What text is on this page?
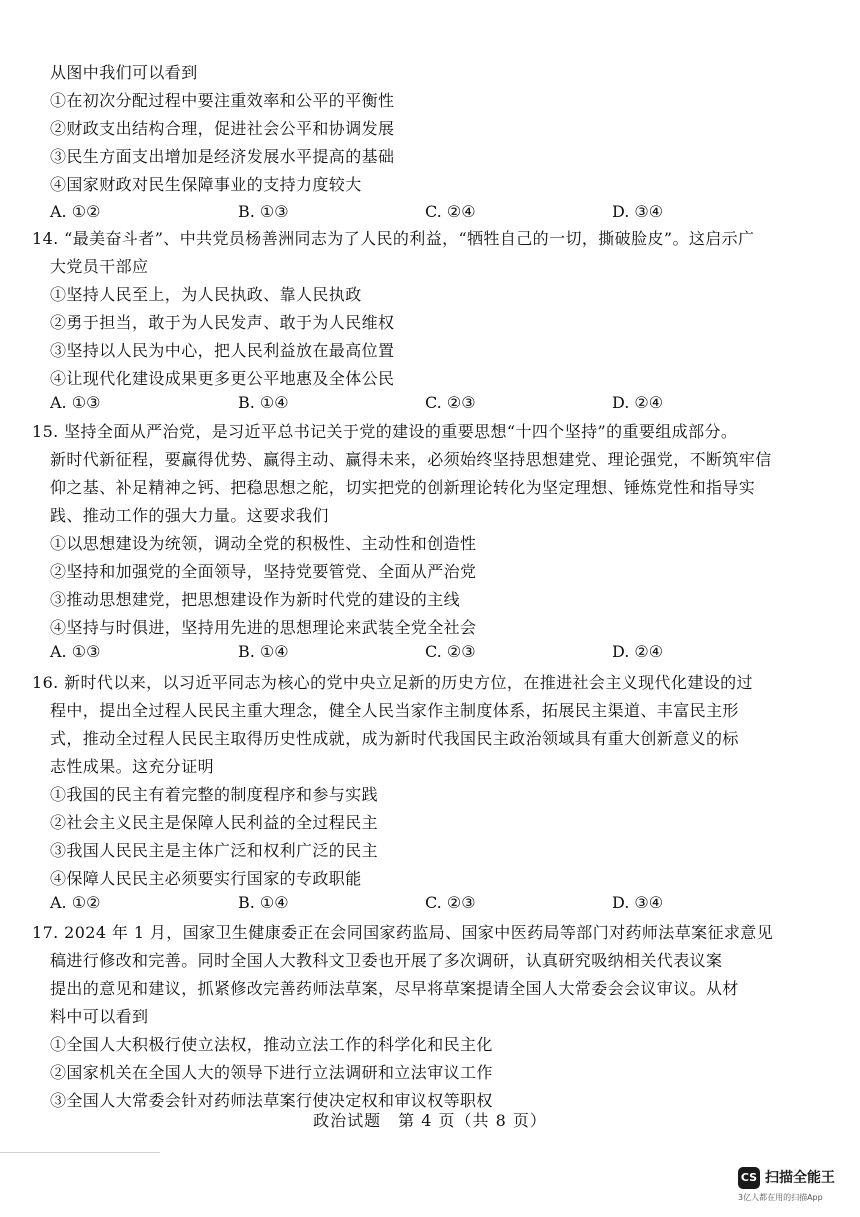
从图中我们可以看到
①在初次分配过程中要注重效率和公平的平衡性
②财政支出结构合理，促进社会公平和协调发展
③民生方面支出增加是经济发展水平提高的基础
④国家财政对民生保障事业的支持力度较大
A. ①②	B. ①③	C. ②④	D. ③④
14. “最美奋斗者”、中共党员杨善洲同志为了人民的利益，“牺牲自己的一切，撕破脸皮”。这启示广
大党员干部应
①坚持人民至上，为人民执政、靠人民执政
②勇于担当，敢于为人民发声、敢于为人民维权
③坚持以人民为中心，把人民利益放在最高位置
④让现代化建设成果更多更公平地惠及全体公民
A. ①③	B. ①④	C. ②③	D. ②④
15. 坚持全面从严治党，是习近平总书记关于党的建设的重要思想“十四个坚持”的重要组成部分。
新时代新征程，要赢得优势、赢得主动、赢得未来，必须始终坚持思想建党、理论强党，不断筑牢信
仰之基、补足精神之钙、把稳思想之舵，切实把党的创新理论转化为坚定理想、锤炼党性和指导实
践、推动工作的强大力量。这要求我们
①以思想建设为统领，调动全党的积极性、主动性和创造性
②坚持和加强党的全面领导，坚持党要管党、全面从严治党
③推动思想建党，把思想建设作为新时代党的建设的主线
④坚持与时俱进，坚持用先进的思想理论来武装全党全社会
A. ①③	B. ①④	C. ②③	D. ②④
16. 新时代以来，以习近平同志为核心的党中央立足新的历史方位，在推进社会主义现代化建设的过
程中，提出全过程人民民主重大理念，健全人民当家作主制度体系，拓展民主渠道、丰富民主形
式，推动全过程人民民主取得历史性成就，成为新时代我国民主政治领域具有重大创新意义的标
志性成果。这充分证明
①我国的民主有着完整的制度程序和参与实践
②社会主义民主是保障人民利益的全过程民主
③我国人民民主是主体广泛和权利广泛的民主
④保障人民民主必须要实行国家的专政职能
A. ①②	B. ①④	C. ②③	D. ③④
17. 2024 年 1 月，国家卫生健康委正在会同国家药监局、国家中医药局等部门对药师法草案征求意见
稿进行修改和完善。同时全国人大教科文卫委也开展了多次调研，认真研究吸纳相关代表议案
提出的意见和建议，抓紧修改完善药师法草案，尽早将草案提请全国人大常委会会议审议。从材
料中可以看到
①全国人大积极行使立法权，推动立法工作的科学化和民主化
②国家机关在全国人大的领导下进行立法调研和立法审议工作
③全国人大常委会针对药师法草案行使决定权和审议权等职权
政治试题　第 4 页（共 8 页）
CS 扫描全能王
3亿人都在用的扫描App
